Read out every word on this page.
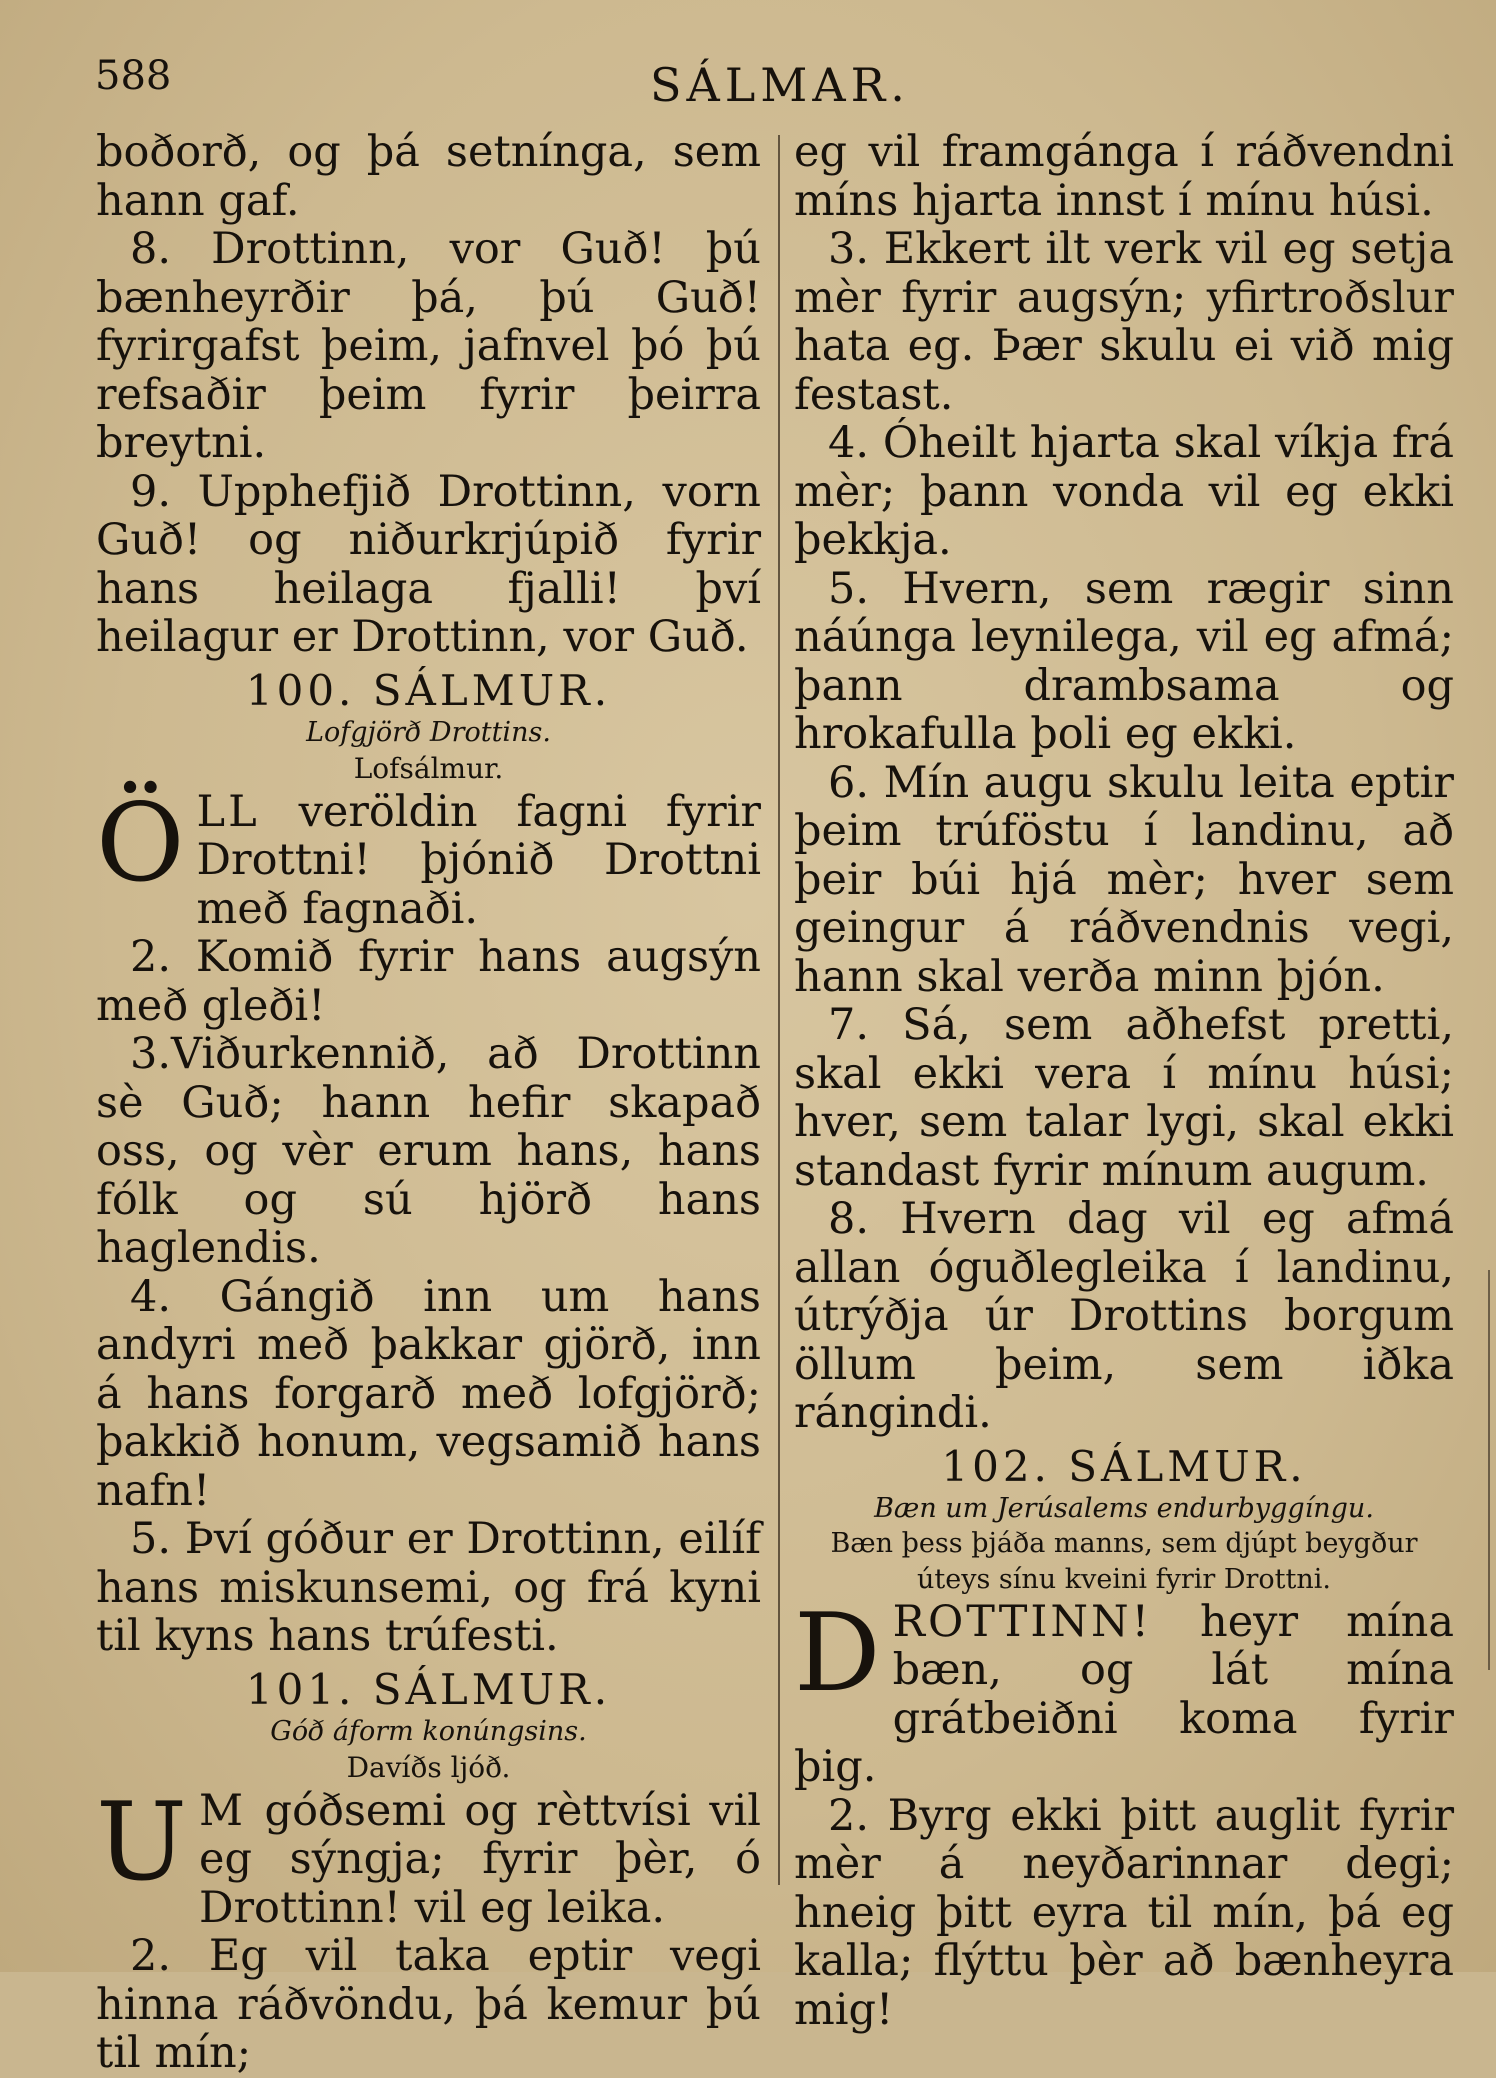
588	SÁLMAR.

boðorð, og þá setnínga, sem hann gaf.

8. Drottinn, vor Guð! þú bænheyrðir þá, þú Guð! fyrirgafst þeim, jafnvel þó þú refsaðir þeim fyrir þeirra breytni.

9. Upphefjið Drottinn, vorn Guð! og niðurkrjúpið fyrir hans heilaga fjalli! því heilagur er Drottinn, vor Guð.

100. SÁLMUR.
Lofgjörð Drottins.
Lofsálmur.

ÖLL veröldin fagni fyrir Drottni! þjónið Drottni með fagnaði.

2. Komið fyrir hans augsýn með gleði!

3.Viðurkennið, að Drottinn sè Guð; hann hefir skapað oss, og vèr erum hans, hans fólk og sú hjörð hans haglendis.

4. Gángið inn um hans andyri með þakkar gjörð, inn á hans forgarð með lofgjörð; þakkið honum, vegsamið hans nafn!

5. Því góður er Drottinn, eilíf hans miskunsemi, og frá kyni til kyns hans trúfesti.

101. SÁLMUR.
Góð áform konúngsins.
Davíðs ljóð.

U M góðsemi og rèttvísi vil eg sýngja; fyrir þèr, ó Drottinn! vil eg leika.

2. Eg vil taka eptir vegi hinna ráðvöndu, þá kemur þú til mín;

eg vil framgánga í ráðvendni míns hjarta innst í mínu húsi.

3. Ekkert ilt verk vil eg setja mèr fyrir augsýn; yfirtroðslur hata eg. Þær skulu ei við mig festast.

4. Óheilt hjarta skal víkja frá mèr; þann vonda vil eg ekki þekkja.

5. Hvern, sem rægir sinn náúnga leynilega, vil eg afmá; þann drambsama og hrokafulla þoli eg ekki.

6. Mín augu skulu leita eptir þeim trúföstu í landinu, að þeir búi hjá mèr; hver sem geingur á ráðvendnis vegi, hann skal verða minn þjón.

7. Sá, sem aðhefst pretti, skal ekki vera í mínu húsi; hver, sem talar lygi, skal ekki standast fyrir mínum augum.

8. Hvern dag vil eg afmá allan óguðlegleika í landinu, útrýðja úr Drottins borgum öllum þeim, sem iðka rángindi.

102. SÁLMUR.
Bæn um Jerúsalems endurbyggíngu.
Bæn þess þjáða manns, sem djúpt beygður úteys sínu kveini fyrir Drottni.

DROTTINN! heyr mína bæn, og lát mína grátbeiðni koma fyrir þig.

2. Byrg ekki þitt auglit fyrir mèr á neyðarinnar degi; hneig þitt eyra til mín, þá eg kalla; flýttu þèr að bænheyra mig!
